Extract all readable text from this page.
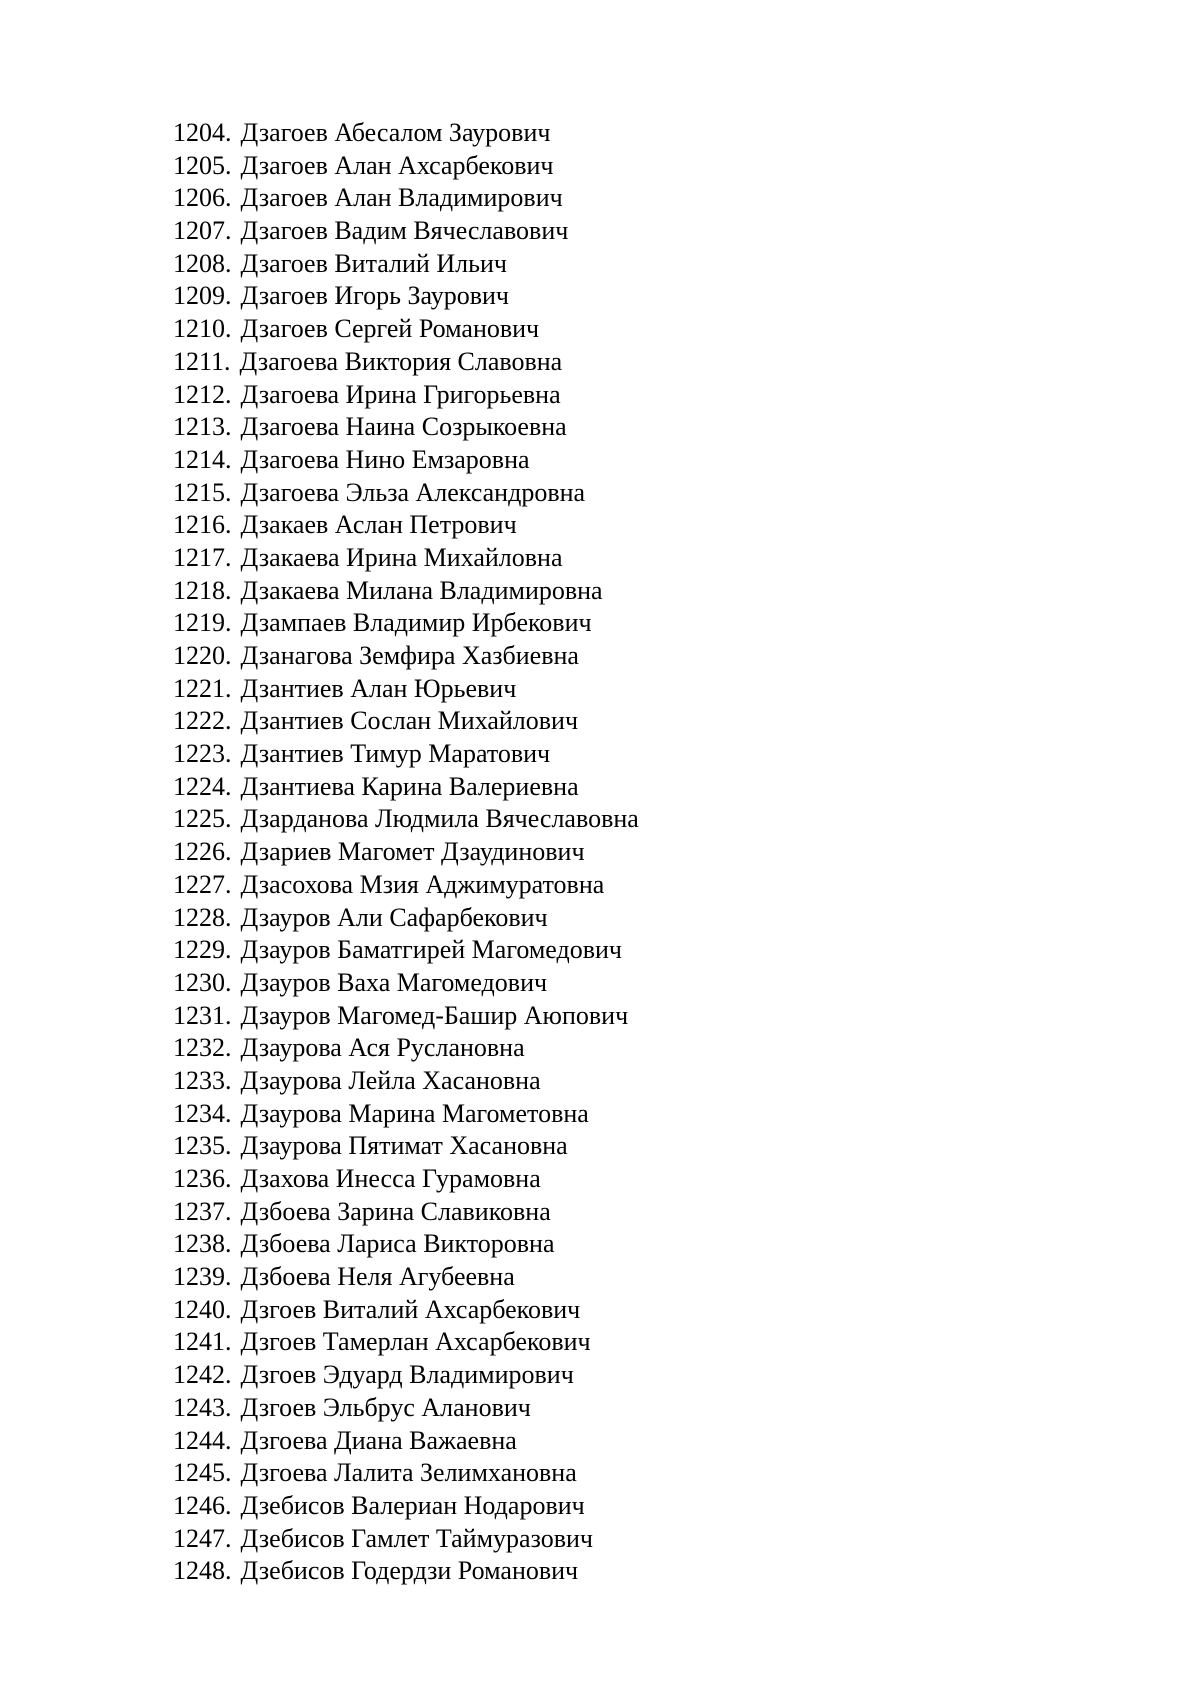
1204. Дзагоев Абесалом Заурович
1205. Дзагоев Алан Ахсарбекович
1206. Дзагоев Алан Владимирович
1207. Дзагоев Вадим Вячеславович
1208. Дзагоев Виталий Ильич
1209. Дзагоев Игорь Заурович
1210. Дзагоев Сергей Романович
1211. Дзагоева Виктория Славовна
1212. Дзагоева Ирина Григорьевна
1213. Дзагоева Наина Созрыкоевна
1214. Дзагоева Нино Емзаровна
1215. Дзагоева Эльза Александровна
1216. Дзакаев Аслан Петрович
1217. Дзакаева Ирина Михайловна
1218. Дзакаева Милана Владимировна
1219. Дзампаев Владимир Ирбекович
1220. Дзанагова Земфира Хазбиевна
1221. Дзантиев Алан Юрьевич
1222. Дзантиев Сослан Михайлович
1223. Дзантиев Тимур Маратович
1224. Дзантиева Карина Валериевна
1225. Дзарданова Людмила Вячеславовна
1226. Дзариев Магомет Дзаудинович
1227. Дзасохова Мзия Аджимуратовна
1228. Дзауров Али Сафарбекович
1229. Дзауров Баматгирей Магомедович
1230. Дзауров Ваха Магомедович
1231. Дзауров Магомед-Башир Аюпович
1232. Дзаурова Ася Руслановна
1233. Дзаурова Лейла Хасановна
1234. Дзаурова Марина Магометовна
1235. Дзаурова Пятимат Хасановна
1236. Дзахова Инесса Гурамовна
1237. Дзбоева Зарина Славиковна
1238. Дзбоева Лариса Викторовна
1239. Дзбоева Неля Агубеевна
1240. Дзгоев Виталий Ахсарбекович
1241. Дзгоев Тамерлан Ахсарбекович
1242. Дзгоев Эдуард Владимирович
1243. Дзгоев Эльбрус Аланович
1244. Дзгоева Диана Важаевна
1245. Дзгоева Лалита Зелимхановна
1246. Дзебисов Валериан Нодарович
1247. Дзебисов Гамлет Таймуразович
1248. Дзебисов Годердзи Романович
